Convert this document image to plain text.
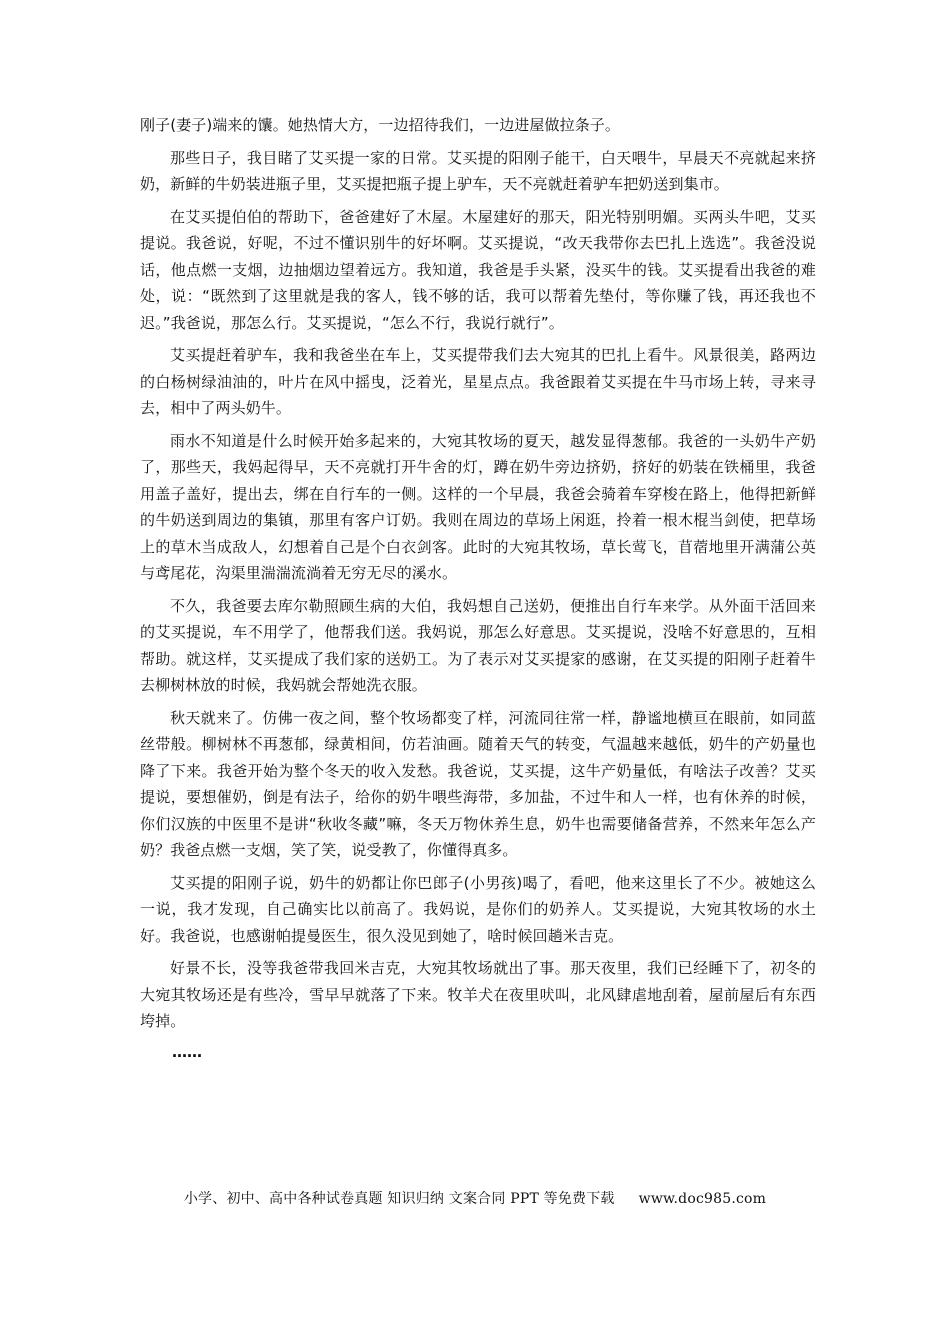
刚子(妻子)端来的馕。她热情大方，一边招待我们，一边进屋做拉条子。

那些日子，我目睹了艾买提一家的日常。艾买提的阳刚子能干，白天喂牛，早晨天不亮就起来挤奶，新鲜的牛奶装进瓶子里，艾买提把瓶子提上驴车，天不亮就赶着驴车把奶送到集市。

在艾买提伯伯的帮助下，爸爸建好了木屋。木屋建好的那天，阳光特别明媚。买两头牛吧，艾买提说。我爸说，好呢，不过不懂识别牛的好坏啊。艾买提说，“改天我带你去巴扎上选选”。我爸没说话，他点燃一支烟，边抽烟边望着远方。我知道，我爸是手头紧，没买牛的钱。艾买提看出我爸的难处，说：“既然到了这里就是我的客人，钱不够的话，我可以帮着先垫付，等你赚了钱，再还我也不迟。”我爸说，那怎么行。艾买提说，“怎么不行，我说行就行”。

艾买提赶着驴车，我和我爸坐在车上，艾买提带我们去大宛其的巴扎上看牛。风景很美，路两边的白杨树绿油油的，叶片在风中摇曳，泛着光，星星点点。我爸跟着艾买提在牛马市场上转，寻来寻去，相中了两头奶牛。

雨水不知道是什么时候开始多起来的，大宛其牧场的夏天，越发显得葱郁。我爸的一头奶牛产奶了，那些天，我妈起得早，天不亮就打开牛舍的灯，蹲在奶牛旁边挤奶，挤好的奶装在铁桶里，我爸用盖子盖好，提出去，绑在自行车的一侧。这样的一个早晨，我爸会骑着车穿梭在路上，他得把新鲜的牛奶送到周边的集镇，那里有客户订奶。我则在周边的草场上闲逛，拎着一根木棍当剑使，把草场上的草木当成敌人，幻想着自己是个白衣剑客。此时的大宛其牧场，草长莺飞，苜蓿地里开满蒲公英与鸢尾花，沟渠里湍湍流淌着无穷无尽的溪水。

不久，我爸要去库尔勒照顾生病的大伯，我妈想自己送奶，便推出自行车来学。从外面干活回来的艾买提说，车不用学了，他帮我们送。我妈说，那怎么好意思。艾买提说，没啥不好意思的，互相帮助。就这样，艾买提成了我们家的送奶工。为了表示对艾买提家的感谢，在艾买提的阳刚子赶着牛去柳树林放的时候，我妈就会帮她洗衣服。

秋天就来了。仿佛一夜之间，整个牧场都变了样，河流同往常一样，静谧地横亘在眼前，如同蓝丝带般。柳树林不再葱郁，绿黄相间，仿若油画。随着天气的转变，气温越来越低，奶牛的产奶量也降了下来。我爸开始为整个冬天的收入发愁。我爸说，艾买提，这牛产奶量低，有啥法子改善？艾买提说，要想催奶，倒是有法子，给你的奶牛喂些海带，多加盐，不过牛和人一样，也有休养的时候，你们汉族的中医里不是讲“秋收冬藏”嘛，冬天万物休养生息，奶牛也需要储备营养，不然来年怎么产奶？我爸点燃一支烟，笑了笑，说受教了，你懂得真多。

艾买提的阳刚子说，奶牛的奶都让你巴郎子(小男孩)喝了，看吧，他来这里长了不少。被她这么一说，我才发现，自己确实比以前高了。我妈说，是你们的奶养人。艾买提说，大宛其牧场的水土好。我爸说，也感谢帕提曼医生，很久没见到她了，啥时候回趟米吉克。

好景不长，没等我爸带我回米吉克，大宛其牧场就出了事。那天夜里，我们已经睡下了，初冬的大宛其牧场还是有些冷，雪早早就落了下来。牧羊犬在夜里吠叫，北风肆虐地刮着，屋前屋后有东西垮掉。

……
小学、初中、高中各种试卷真题 知识归纳 文案合同 PPT 等免费下载 www.doc985.com
